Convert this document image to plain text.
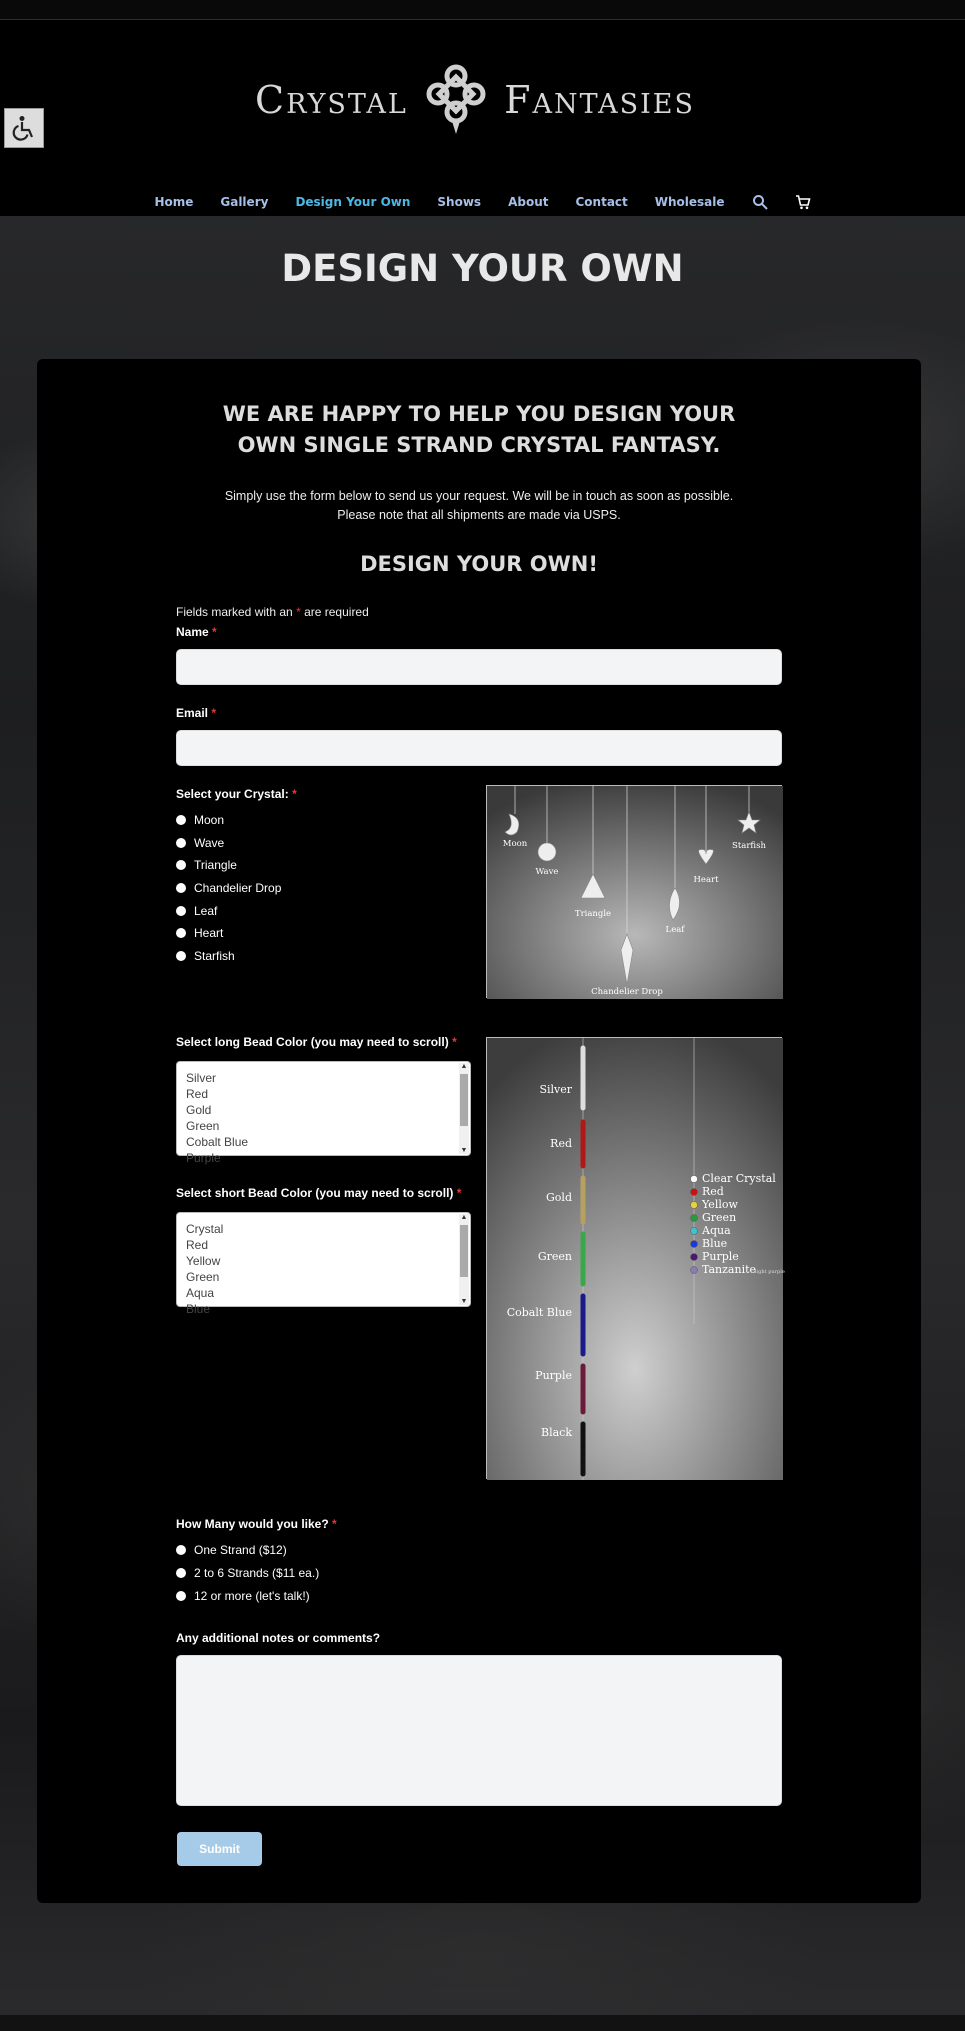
Crystal	Fantasies
Home Gallery Design Your Own Shows About Contact Wholesale
DESIGN YOUR OWN
WE ARE HAPPY TO HELP YOU DESIGN YOUR
OWN SINGLE STRAND CRYSTAL FANTASY.
Simply use the form below to send us your request. We will be in touch as soon as possible.
Please note that all shipments are made via USPS.
DESIGN YOUR OWN!
Fields marked with an * are required
Name *
Email *
Select your Crystal: *
Moon
Wave
Triangle
Chandelier Drop
Leaf
Heart
Starfish
Moon
Wave
Triangle
Chandelier Drop
Leaf
Heart
Starfish
Select long Bead Color (you may need to scroll) *
Silver
Red
Gold
Green
Cobalt Blue
Purple
▲
▼
Select short Bead Color (you may need to scroll) *
Crystal
Red
Yellow
Green
Aqua
Blue
▲
▼
Silver
Red
Gold
Green
Cobalt Blue
Purple
Black
Clear Crystal
Red
Yellow
Green
Aqua
Blue
Purple
Tanzanite
light purple
How Many would you like? *
One Strand ($12)
2 to 6 Strands ($11 ea.)
12 or more (let's talk!)
Any additional notes or comments?
Submit
